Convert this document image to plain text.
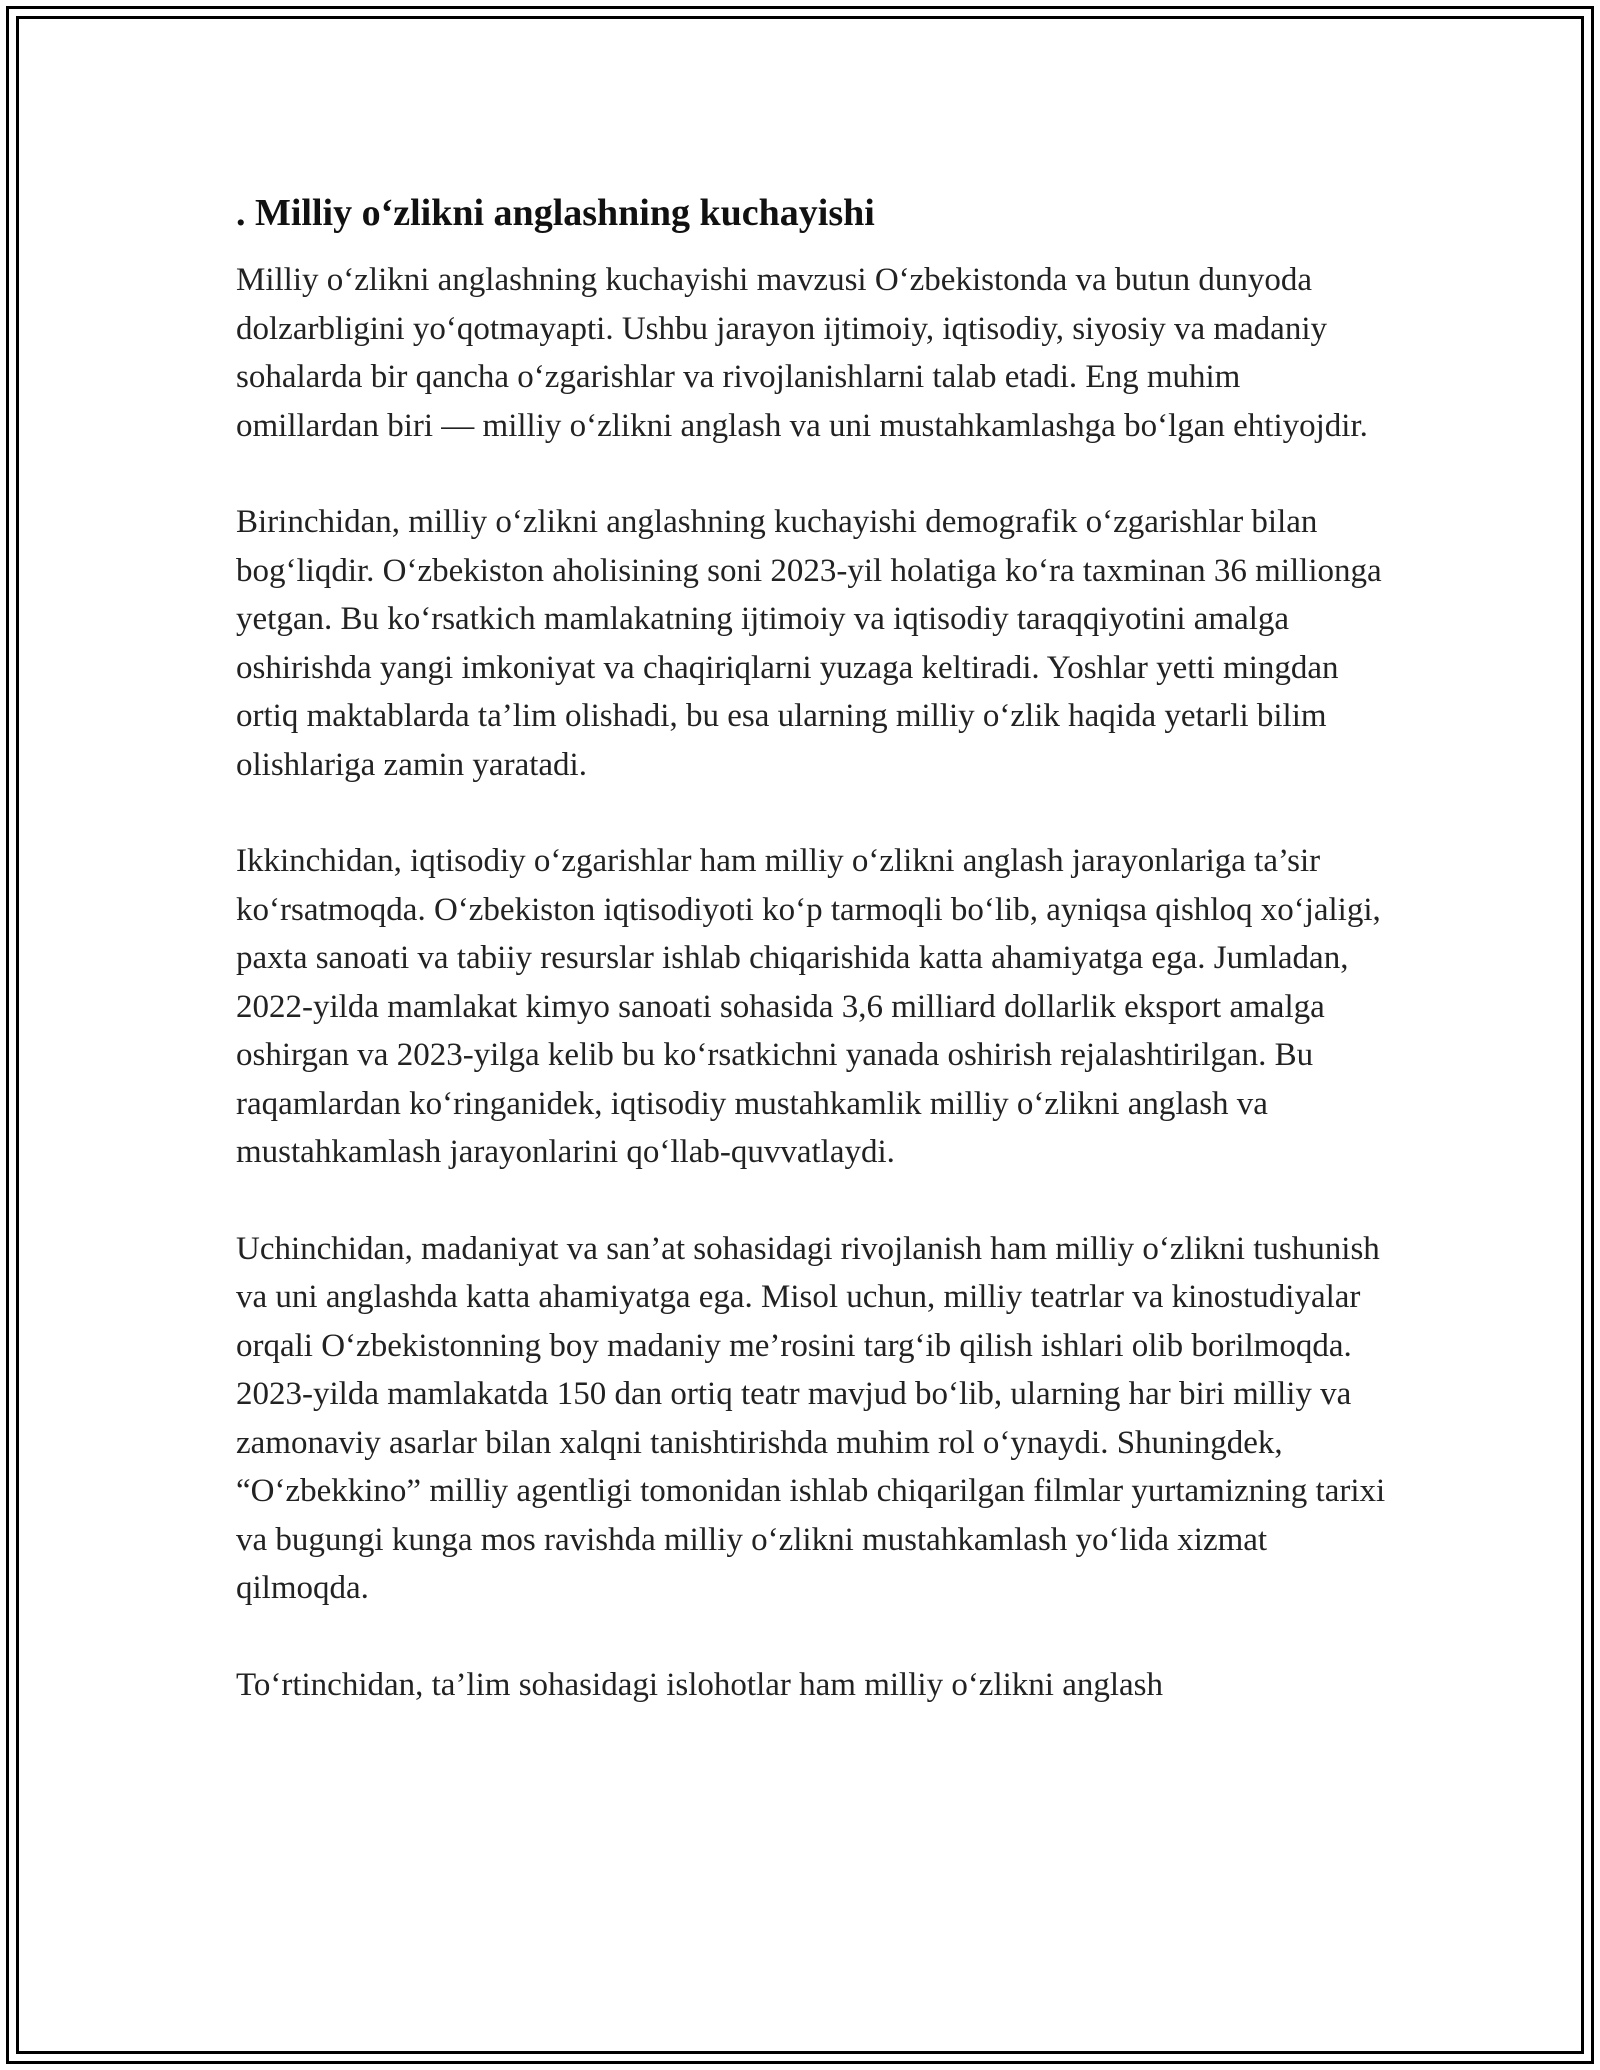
. Milliy o‘zlikni anglashning kuchayishi

Milliy o‘zlikni anglashning kuchayishi mavzusi O‘zbekistonda va butun dunyoda dolzarbligini yo‘qotmayapti. Ushbu jarayon ijtimoiy, iqtisodiy, siyosiy va madaniy sohalarda bir qancha o‘zgarishlar va rivojlanishlarni talab etadi. Eng muhim omillardan biri — milliy o‘zlikni anglash va uni mustahkamlashga bo‘lgan ehtiyojdir.

Birinchidan, milliy o‘zlikni anglashning kuchayishi demografik o‘zgarishlar bilan bog‘liqdir. O‘zbekiston aholisining soni 2023-yil holatiga ko‘ra taxminan 36 millionga yetgan. Bu ko‘rsatkich mamlakatning ijtimoiy va iqtisodiy taraqqiyotini amalga oshirishda yangi imkoniyat va chaqiriqlarni yuzaga keltiradi. Yoshlar yetti mingdan ortiq maktablarda ta’lim olishadi, bu esa ularning milliy o‘zlik haqida yetarli bilim olishlariga zamin yaratadi.

Ikkinchidan, iqtisodiy o‘zgarishlar ham milliy o‘zlikni anglash jarayonlariga ta’sir ko‘rsatmoqda. O‘zbekiston iqtisodiyoti ko‘p tarmoqli bo‘lib, ayniqsa qishloq xo‘jaligi, paxta sanoati va tabiiy resurslar ishlab chiqarishida katta ahamiyatga ega. Jumladan, 2022-yilda mamlakat kimyo sanoati sohasida 3,6 milliard dollarlik eksport amalga oshirgan va 2023-yilga kelib bu ko‘rsatkichni yanada oshirish rejalashtirilgan. Bu raqamlardan ko‘ringanidek, iqtisodiy mustahkamlik milliy o‘zlikni anglash va mustahkamlash jarayonlarini qo‘llab-quvvatlaydi.

Uchinchidan, madaniyat va san’at sohasidagi rivojlanish ham milliy o‘zlikni tushunish va uni anglashda katta ahamiyatga ega. Misol uchun, milliy teatrlar va kinostudiyalar orqali O‘zbekistonning boy madaniy me’rosini targ‘ib qilish ishlari olib borilmoqda. 2023-yilda mamlakatda 150 dan ortiq teatr mavjud bo‘lib, ularning har biri milliy va zamonaviy asarlar bilan xalqni tanishtirishda muhim rol o‘ynaydi. Shuningdek, “O‘zbekkino” milliy agentligi tomonidan ishlab chiqarilgan filmlar yurtamizning tarixi va bugungi kunga mos ravishda milliy o‘zlikni mustahkamlash yo‘lida xizmat qilmoqda.

To‘rtinchidan, ta’lim sohasidagi islohotlar ham milliy o‘zlikni anglash
